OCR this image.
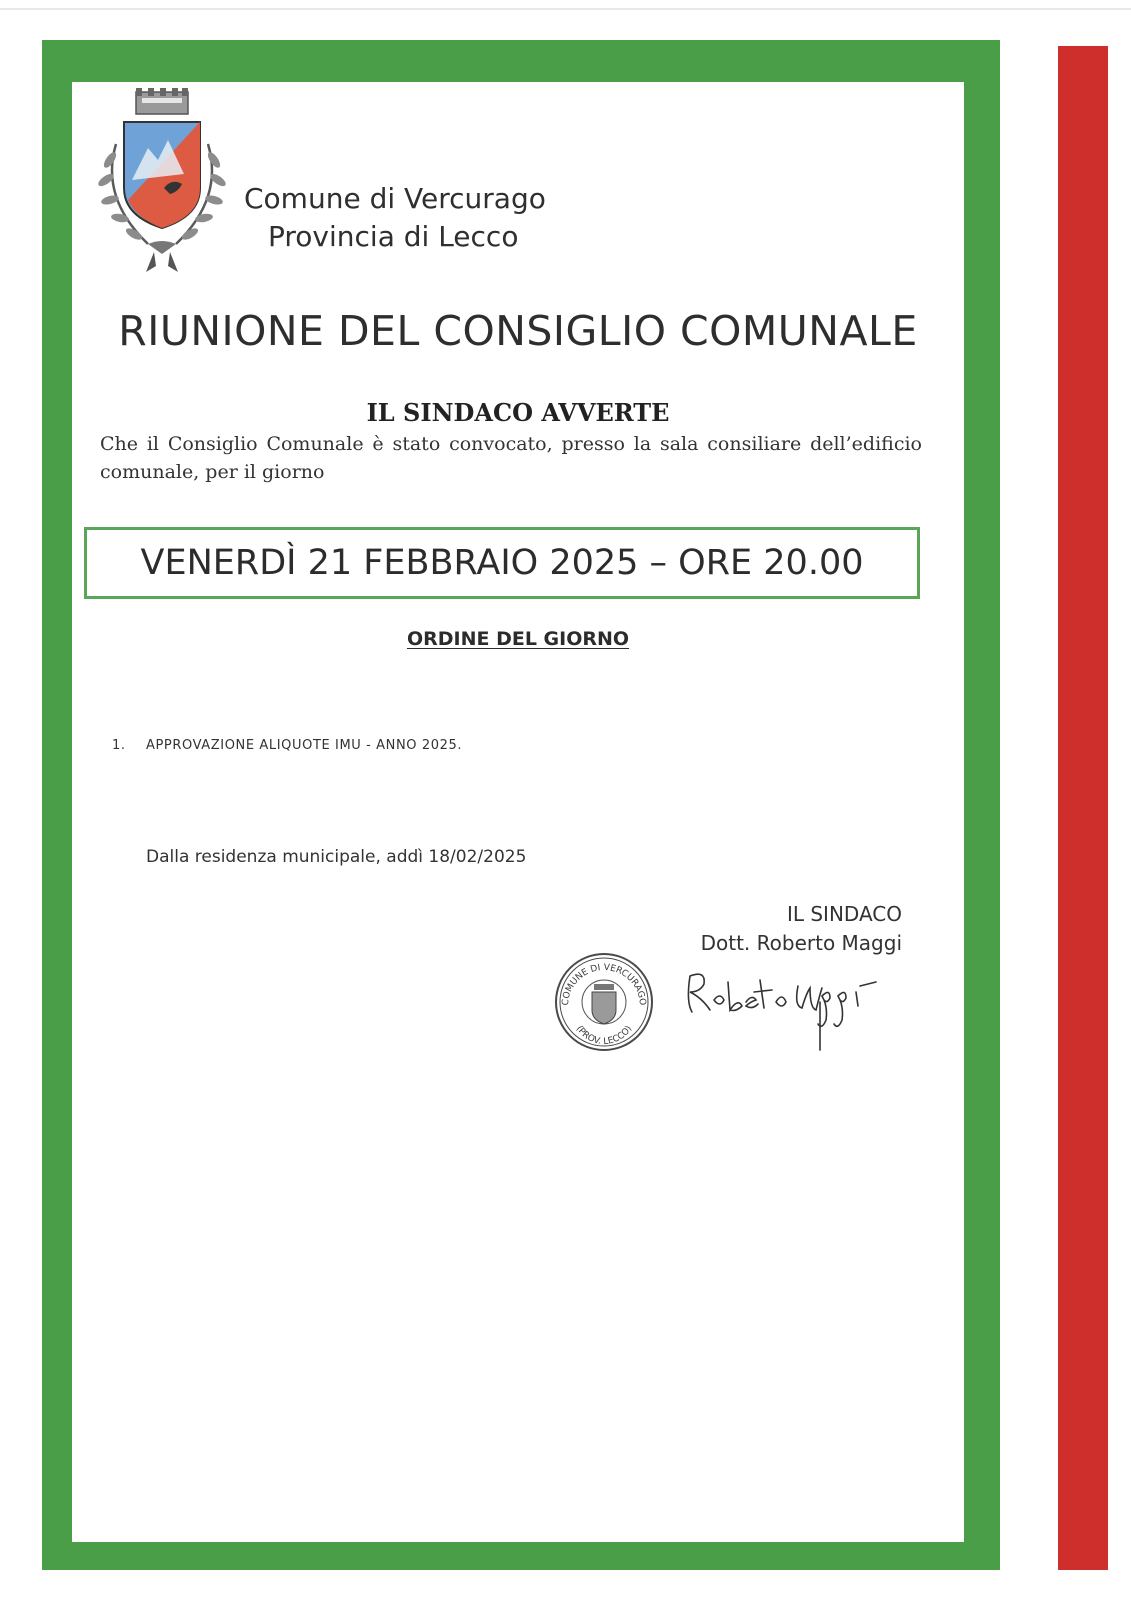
Comune di Vercurago
Provincia di Lecco
RIUNIONE DEL CONSIGLIO COMUNALE
IL SINDACO AVVERTE
Che il Consiglio Comunale è stato convocato, presso la sala consiliare dell’edificio comunale, per il giorno
VENERDÌ 21 FEBBRAIO 2025 – ORE 20.00
ORDINE DEL GIORNO
1. APPROVAZIONE ALIQUOTE IMU - ANNO 2025.
Dalla residenza municipale, addì 18/02/2025
IL SINDACO
Dott. Roberto Maggi
COMUNE DI VERCURAGO
(PROV. LECCO)
